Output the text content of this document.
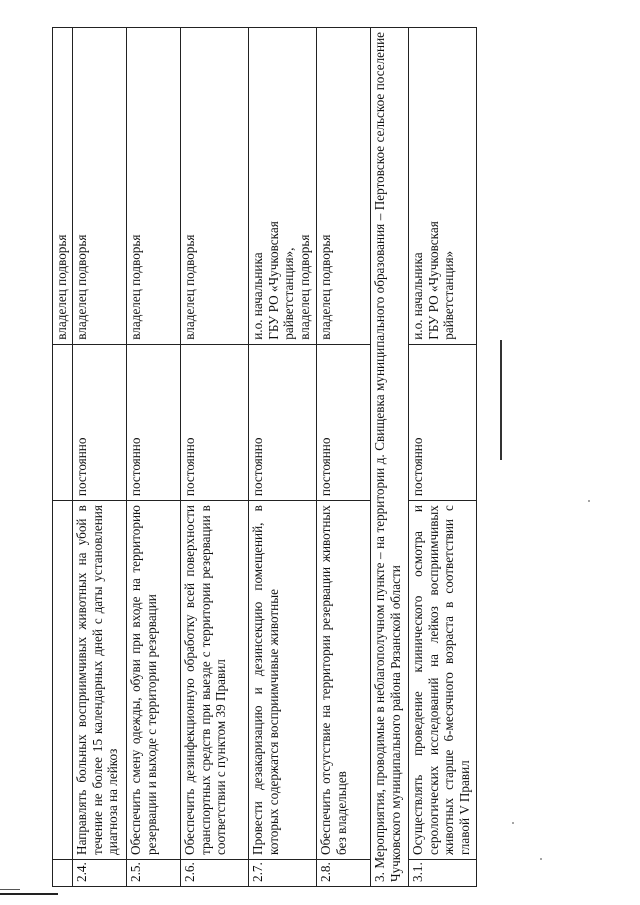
			владелец подворья
2.4.	Направлять больных восприимчивых животных на убой в течение не более 15 календарных дней с даты установления диагноза на лейкоз	постоянно	владелец подворья
2.5.	Обеспечить смену одежды, обуви при входе на территорию резервации и выходе с территории резервации	постоянно	владелец подворья
2.6.	Обеспечить дезинфекционную обработку всей поверхности транспортных средств при выезде с территории резервации в соответствии с пунктом 39 Правил	постоянно	владелец подворья
2.7.	Провести дезакаризацию и дезинсекцию помещений, в которых содержатся восприимчивые животные	постоянно	и.о. начальника
ГБУ РО «Чучковская
райветстанция»,
владелец подворья
2.8.	Обеспечить отсутствие на территории резервации животных без владельцев	постоянно	владелец подворья
3. Мероприятия, проводимые в неблагополучном пункте – на территории д. Свищевка муниципального образования – Пертовское сельское поселение Чучковского муниципального района Рязанской области			
3.1.	Осуществлять проведение клинического осмотра и серологических исследований на лейкоз восприимчивых животных старше 6-месячного возраста в соответствии с главой V Правил	постоянно	и.о. начальника
ГБУ РО «Чучковская
райветстанция»
